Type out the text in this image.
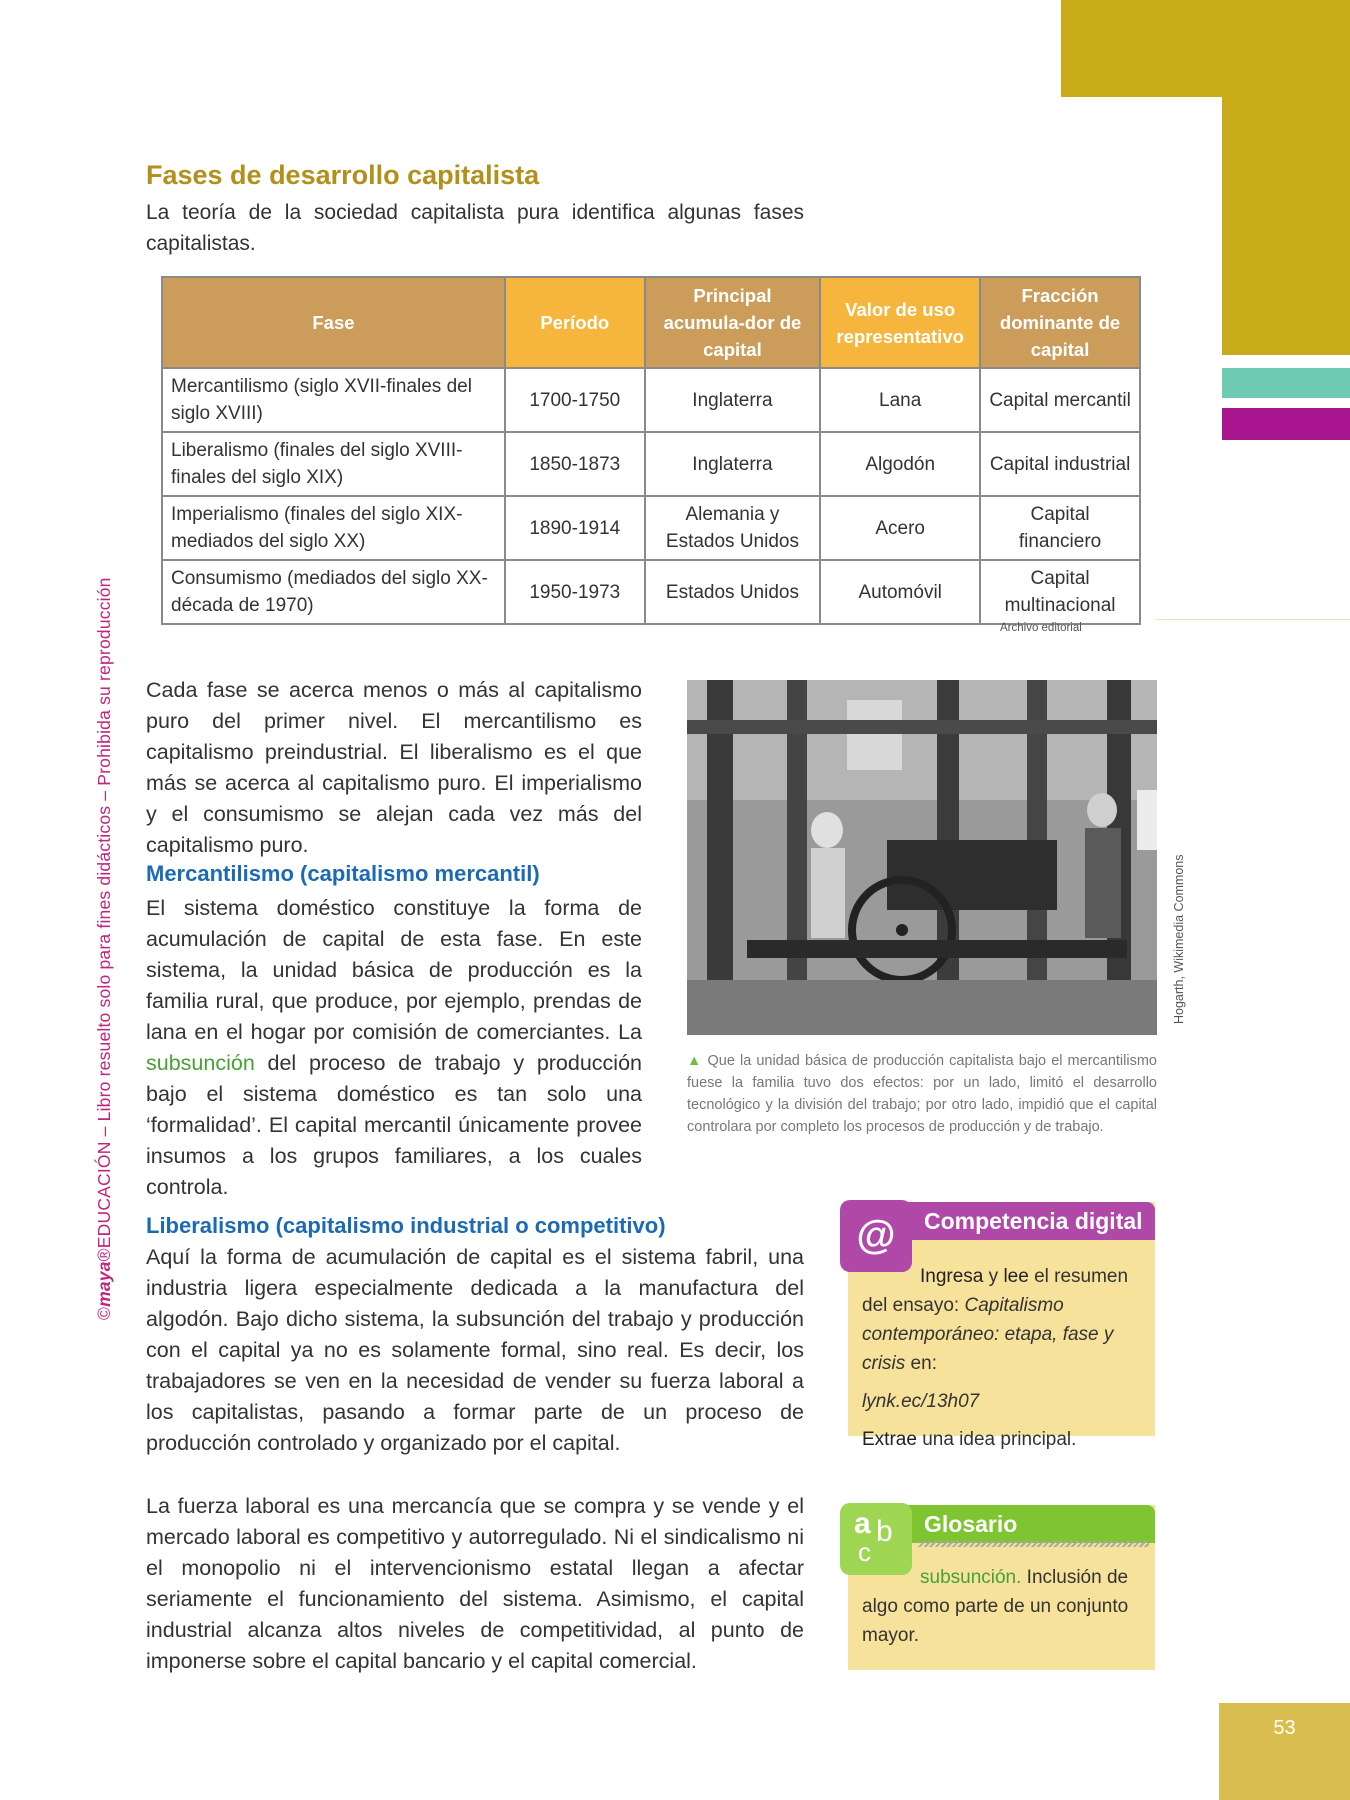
©maya®EDUCACIÓN – Libro resuelto solo para fines didácticos – Prohibida su reproducción
Fases de desarrollo capitalista

La teoría de la sociedad capitalista pura identifica algunas fases capitalistas.

Fase	Período	Principal acumula-dor de capital	Valor de uso representativo	Fracción dominante de capital
Mercantilismo (siglo XVII-finales del siglo XVIII)	1700-1750	Inglaterra	Lana	Capital mercantil
Liberalismo (finales del siglo XVIII-finales del siglo XIX)	1850-1873	Inglaterra	Algodón	Capital industrial
Imperialismo (finales del siglo XIX-mediados del siglo XX)	1890-1914	Alemania y Estados Unidos	Acero	Capital financiero
Consumismo (mediados del siglo XX-década de 1970)	1950-1973	Estados Unidos	Automóvil	Capital multinacional
Archivo editorial

Cada fase se acerca menos o más al capitalismo puro del primer nivel. El mercantilismo es capitalismo preindustrial. El liberalismo es el que más se acerca al capitalismo puro. El imperialismo y el consumismo se alejan cada vez más del capitalismo puro.

Mercantilismo (capitalismo mercantil)

El sistema doméstico constituye la forma de acumulación de capital de esta fase. En este sistema, la unidad básica de producción es la familia rural, que produce, por ejemplo, prendas de lana en el hogar por comisión de comerciantes. La subsunción del proceso de trabajo y producción bajo el sistema doméstico es tan solo una ‘formalidad’. El capital mercantil únicamente provee insumos a los grupos familiares, a los cuales controla.

Hogarth, Wikimedia Commons

▲ Que la unidad básica de producción capitalista bajo el mercantilismo fuese la familia tuvo dos efectos: por un lado, limitó el desarrollo tecnológico y la división del trabajo; por otro lado, impidió que el capital controlara por completo los procesos de producción y de trabajo.

Liberalismo (capitalismo industrial o competitivo)

Aquí la forma de acumulación de capital es el sistema fabril, una industria ligera especialmente dedicada a la manufactura del algodón. Bajo dicho sistema, la subsunción del trabajo y producción con el capital ya no es solamente formal, sino real. Es decir, los trabajadores se ven en la necesidad de vender su fuerza laboral a los capitalistas, pasando a formar parte de un proceso de producción controlado y organizado por el capital.

La fuerza laboral es una mercancía que se compra y se vende y el mercado laboral es competitivo y autorregulado. Ni el sindicalismo ni el monopolio ni el intervencionismo estatal llegan a afectar seriamente el funcionamiento del sistema. Asimismo, el capital industrial alcanza altos niveles de competitividad, al punto de imponerse sobre el capital bancario y el capital comercial.

Competencia digital
@
Ingresa y lee el resumen del ensayo: Capitalismo contemporáneo: etapa, fase y crisis en:
lynk.ec/13h07
Extrae una idea principal.
Glosario
a b
c
subsunción. Inclusión de algo como parte de un conjunto mayor.
53
